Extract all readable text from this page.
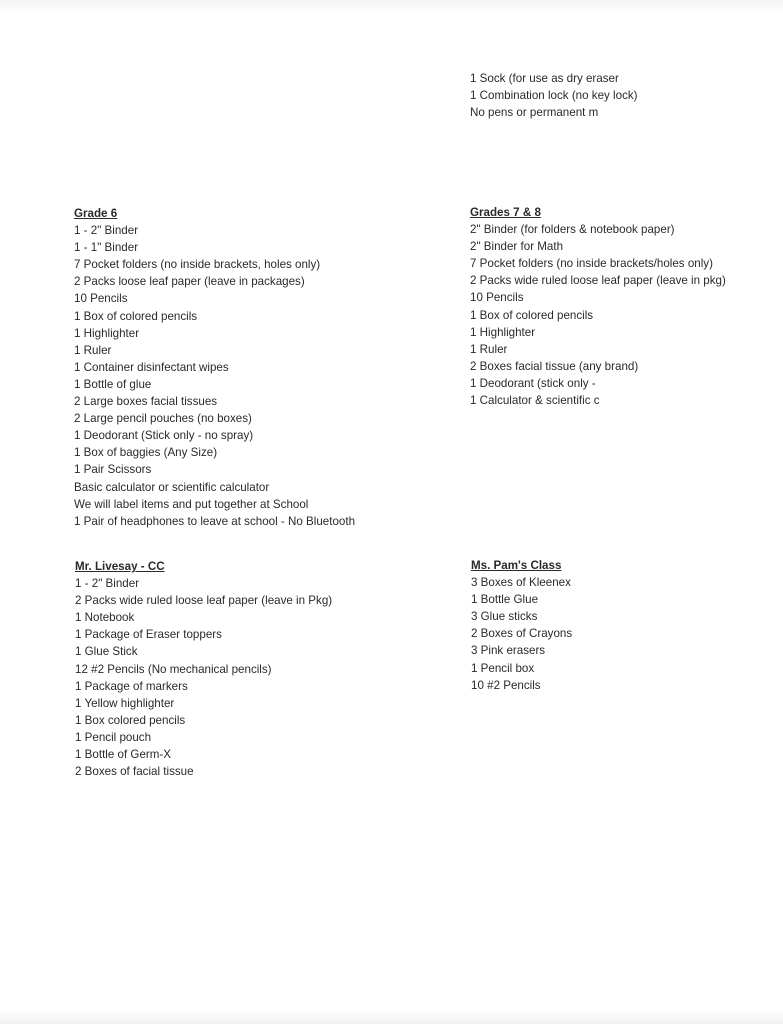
1 Sock (for use as dry eraser
1 Combination lock (no key lock)
No pens or permanent m
Grade 6
1 - 2" Binder
1 - 1" Binder
7 Pocket folders (no inside brackets, holes only)
2 Packs loose leaf paper (leave in packages)
10 Pencils
1 Box of colored pencils
1 Highlighter
1 Ruler
1 Container disinfectant wipes
1 Bottle of glue
2 Large boxes facial tissues
2 Large pencil pouches (no boxes)
1 Deodorant (Stick only - no spray)
1 Box of baggies (Any Size)
1 Pair Scissors
Basic calculator or scientific calculator
We will label items and put together at School
1 Pair of headphones to leave at school - No Bluetooth
Grades 7 & 8
2" Binder (for folders & notebook paper)
2" Binder for Math
7 Pocket folders (no inside brackets/holes only)
2 Packs wide ruled loose leaf paper (leave in pkg)
10 Pencils
1 Box of colored pencils
1 Highlighter
1 Ruler
2 Boxes facial tissue (any brand)
1 Deodorant (stick only -
1 Calculator & scientific c
Mr. Livesay - CC
1 - 2" Binder
2 Packs wide ruled loose leaf paper (leave in Pkg)
1 Notebook
1 Package of Eraser toppers
1 Glue Stick
12 #2 Pencils (No mechanical pencils)
1 Package of markers
1 Yellow highlighter
1 Box colored pencils
1 Pencil pouch
1 Bottle of Germ-X
2 Boxes of facial tissue
Ms. Pam's Class
3 Boxes of Kleenex
1 Bottle Glue
3 Glue sticks
2 Boxes of Crayons
3 Pink erasers
1 Pencil box
10 #2 Pencils
